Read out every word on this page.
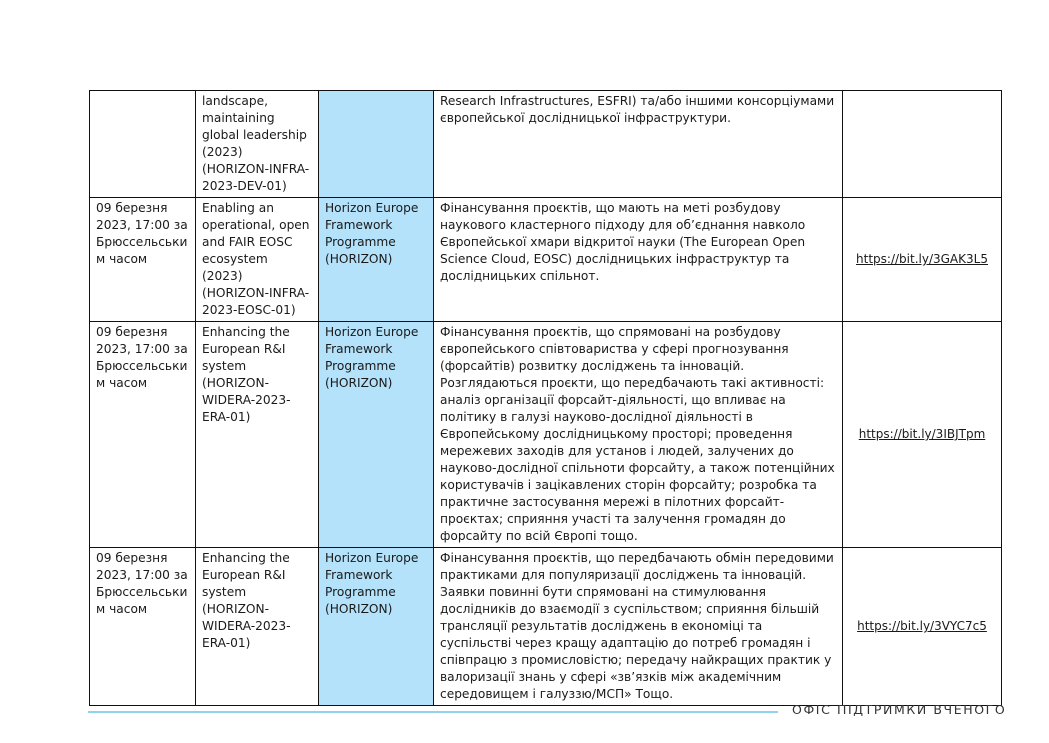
	landscape, maintaining global leadership (2023) (HORIZON-INFRA-2023-DEV-01)		Research Infrastructures, ESFRI) та/або іншими консорціумами європейської дослідницької інфраструктури.	
09 березня 2023, 17:00 за Брюссельським часом	Enabling an operational, open and FAIR EOSC ecosystem (2023) (HORIZON-INFRA-2023-EOSC-01)	Horizon Europe Framework Programme (HORIZON)	Фінансування проєктів, що мають на меті розбудову наукового кластерного підходу для об’єднання навколо Європейської хмари відкритої науки (The European Open Science Cloud, EOSC) дослідницьких інфраструктур та дослідницьких спільнот.	https://bit.ly/3GAK3L5
09 березня 2023, 17:00 за Брюссельським часом	Enhancing the European R&I system (HORIZON-WIDERA-2023-ERA-01)	Horizon Europe Framework Programme (HORIZON)	Фінансування проєктів, що спрямовані на розбудову європейського співтовариства у сфері прогнозування (форсайтів) розвитку досліджень та інновацій. Розглядаються проєкти, що передбачають такі активності: аналіз організації форсайт-діяльності, що впливає на політику в галузі науково-дослідної діяльності в Європейському дослідницькому просторі; проведення мережевих заходів для установ і людей, залучених до науково-дослідної спільноти форсайту, а також потенційних користувачів і зацікавлених сторін форсайту; розробка та практичне застосування мережі в пілотних форсайт-проєктах; сприяння участі та залучення громадян до форсайту по всій Європі тощо.	https://bit.ly/3IBJTpm
09 березня 2023, 17:00 за Брюссельським часом	Enhancing the European R&I system (HORIZON-WIDERA-2023-ERA-01)	Horizon Europe Framework Programme (HORIZON)	Фінансування проєктів, що передбачають обмін передовими практиками для популяризації досліджень та інновацій. Заявки повинні бути спрямовані на стимулювання дослідників до взаємодії з суспільством; сприяння більшій трансляції результатів досліджень в економіці та суспільстві через кращу адаптацію до потреб громадян і співпрацю з промисловістю; передачу найкращих практик у валоризації знань у сфері «зв’язків між академічним середовищем і галуззю/МСП» Тощо.	https://bit.ly/3VYC7c5
ОФІС ПІДТРИМКИ ВЧЕНОГО
